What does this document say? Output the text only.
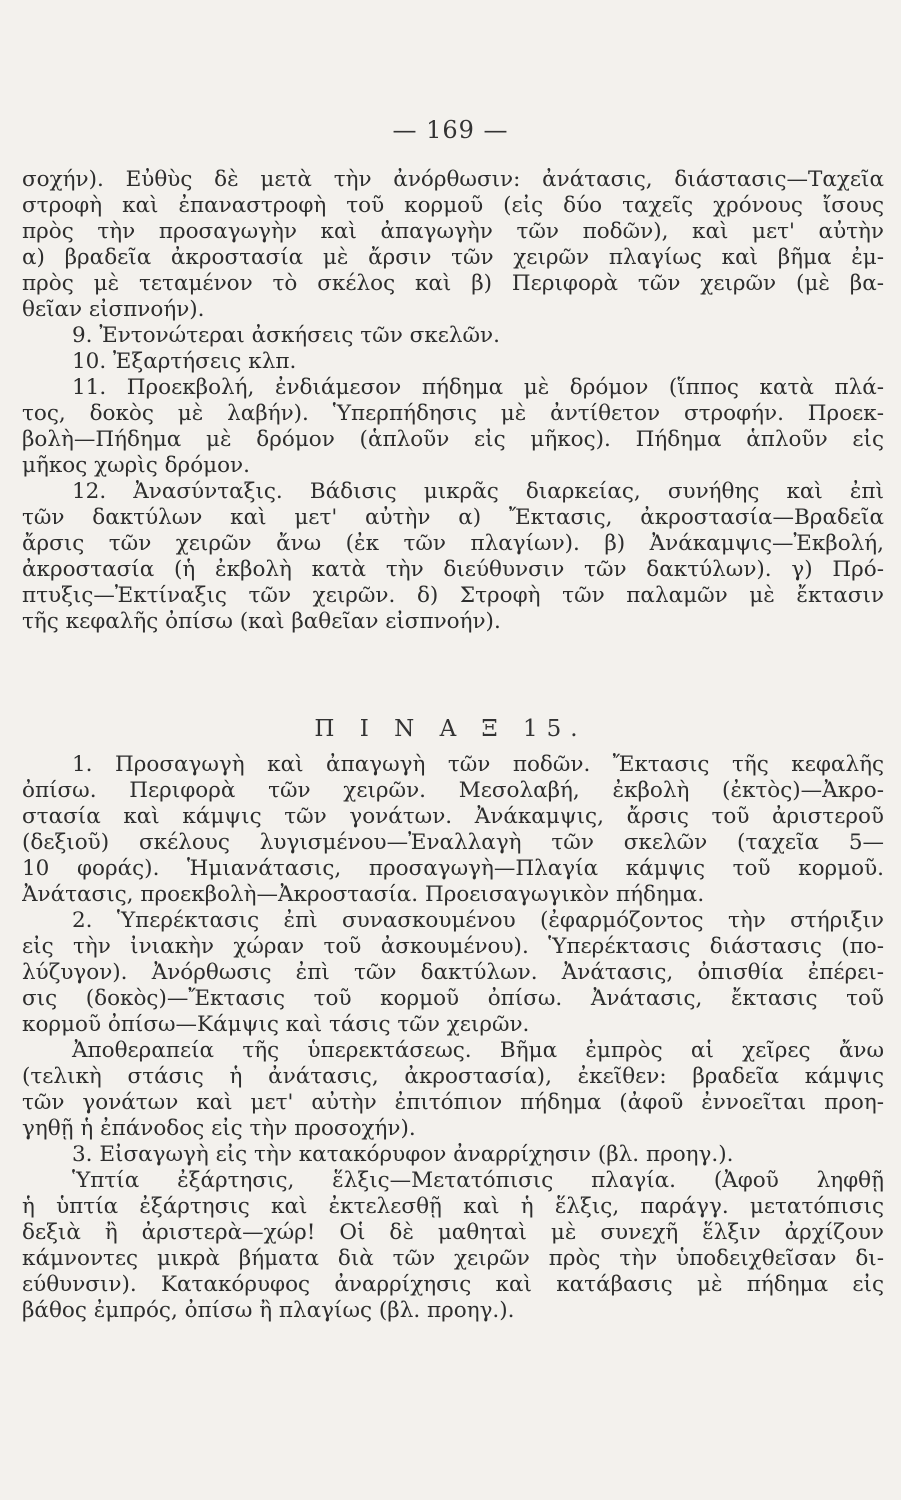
— 169 —
σοχήν). Εὐθὺς δὲ μετὰ τὴν ἀνόρθωσιν: ἀνάτασις, διάστασις—Ταχεῖα
στροφὴ καὶ ἐπαναστροφὴ τοῦ κορμοῦ (εἰς δύο ταχεῖς χρόνους ἴσους
πρὸς τὴν προσαγωγὴν καὶ ἀπαγωγὴν τῶν ποδῶν), καὶ μετ' αὐτὴν
α) βραδεῖα ἀκροστασία μὲ ἄρσιν τῶν χειρῶν πλαγίως καὶ βῆμα ἐμ-
πρὸς μὲ τεταμένον τὸ σκέλος καὶ β) Περιφορὰ τῶν χειρῶν (μὲ βα-
θεῖαν εἰσπνοήν).
9. Ἐντονώτεραι ἀσκήσεις τῶν σκελῶν.
10. Ἐξαρτήσεις κλπ.
11. Προεκβολή, ἐνδιάμεσον πήδημα μὲ δρόμον (ἵππος κατὰ πλά-
τος, δοκὸς μὲ λαβήν). Ὑπερπήδησις μὲ ἀντίθετον στροφήν. Προεκ-
βολὴ—Πήδημα μὲ δρόμον (ἁπλοῦν εἰς μῆκος). Πήδημα ἁπλοῦν εἰς
μῆκος χωρὶς δρόμον.
12. Ἀνασύνταξις. Βάδισις μικρᾶς διαρκείας, συνήθης καὶ ἐπὶ
τῶν δακτύλων καὶ μετ' αὐτὴν α) Ἔκτασις, ἀκροστασία—Βραδεῖα
ἄρσις τῶν χειρῶν ἄνω (ἐκ τῶν πλαγίων). β) Ἀνάκαμψις—Ἐκβολή,
ἀκροστασία (ἡ ἐκβολὴ κατὰ τὴν διεύθυνσιν τῶν δακτύλων). γ) Πρό-
πτυξις—Ἐκτίναξις τῶν χειρῶν. δ) Στροφὴ τῶν παλαμῶν μὲ ἔκτασιν
τῆς κεφαλῆς ὀπίσω (καὶ βαθεῖαν εἰσπνοήν).
Π Ι Ν Α Ξ 15.
1. Προσαγωγὴ καὶ ἀπαγωγὴ τῶν ποδῶν. Ἔκτασις τῆς κεφαλῆς
ὀπίσω. Περιφορὰ τῶν χειρῶν. Μεσολαβή, ἐκβολὴ (ἐκτὸς)—Ἀκρο-
στασία καὶ κάμψις τῶν γονάτων. Ἀνάκαμψις, ἄρσις τοῦ ἀριστεροῦ
(δεξιοῦ) σκέλους λυγισμένου—Ἐναλλαγὴ τῶν σκελῶν (ταχεῖα 5—
10 φοράς). Ἡμιανάτασις, προσαγωγὴ—Πλαγία κάμψις τοῦ κορμοῦ.
Ἀνάτασις, προεκβολὴ—Ἀκροστασία. Προεισαγωγικὸν πήδημα.
2. Ὑπερέκτασις ἐπὶ συνασκουμένου (ἐφαρμόζοντος τὴν στήριξιν
εἰς τὴν ἰνιακὴν χώραν τοῦ ἀσκουμένου). Ὑπερέκτασις διάστασις (πο-
λύζυγον). Ἀνόρθωσις ἐπὶ τῶν δακτύλων. Ἀνάτασις, ὀπισθία ἐπέρει-
σις (δοκὸς)—Ἔκτασις τοῦ κορμοῦ ὀπίσω. Ἀνάτασις, ἔκτασις τοῦ
κορμοῦ ὀπίσω—Κάμψις καὶ τάσις τῶν χειρῶν.
Ἀποθεραπεία τῆς ὑπερεκτάσεως. Βῆμα ἐμπρὸς αἱ χεῖρες ἄνω
(τελικὴ στάσις ἡ ἀνάτασις, ἀκροστασία), ἐκεῖθεν: βραδεῖα κάμψις
τῶν γονάτων καὶ μετ' αὐτὴν ἐπιτόπιον πήδημα (ἀφοῦ ἐννοεῖται προη-
γηθῇ ἡ ἐπάνοδος εἰς τὴν προσοχήν).
3. Εἰσαγωγὴ εἰς τὴν κατακόρυφον ἀναρρίχησιν (βλ. προηγ.).
Ὑπτία ἐξάρτησις, ἕλξις—Μετατόπισις πλαγία. (Ἀφοῦ ληφθῇ
ἡ ὑπτία ἐξάρτησις καὶ ἐκτελεσθῇ καὶ ἡ ἕλξις, παράγγ. μετατόπισις
δεξιὰ ἢ ἀριστερὰ—χώρ! Οἱ δὲ μαθηταὶ μὲ συνεχῆ ἕλξιν ἀρχίζουν
κάμνοντες μικρὰ βήματα διὰ τῶν χειρῶν πρὸς τὴν ὑποδειχθεῖσαν δι-
εύθυνσιν). Κατακόρυφος ἀναρρίχησις καὶ κατάβασις μὲ πήδημα εἰς
βάθος ἐμπρός, ὀπίσω ἢ πλαγίως (βλ. προηγ.).
